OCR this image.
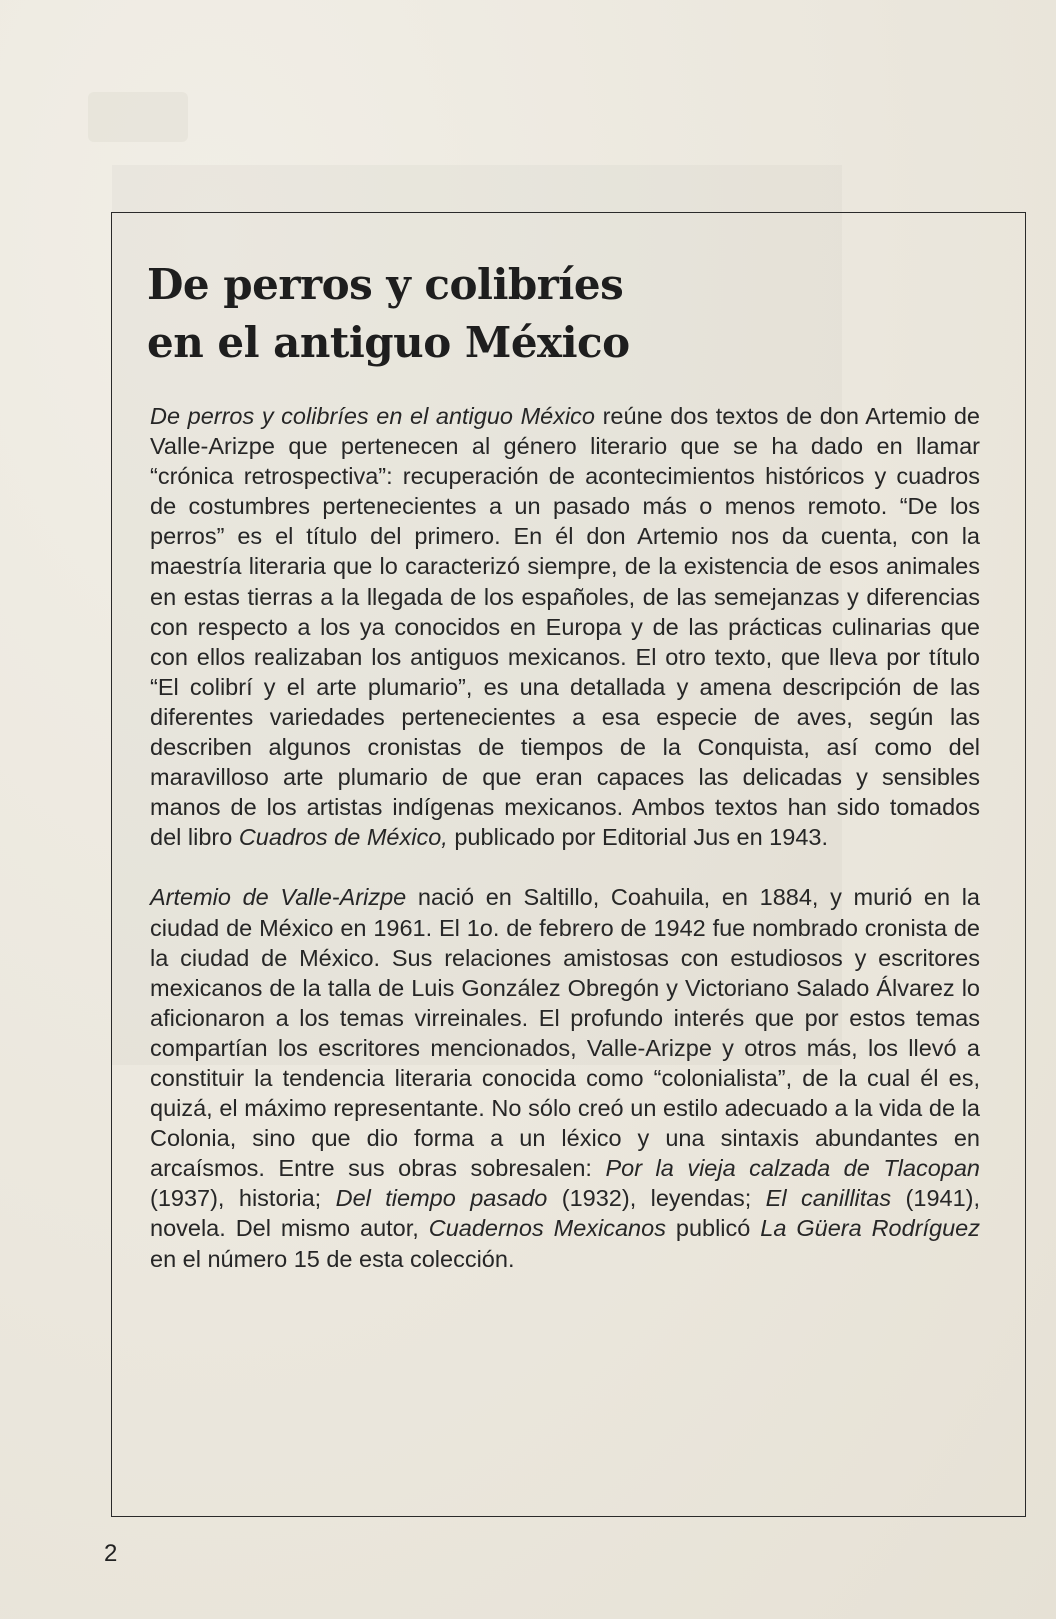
De perros y colibríes
en el antiguo México

De perros y colibríes en el antiguo México reúne dos textos de don Artemio de Valle-Arizpe que pertenecen al género literario que se ha dado en llamar “crónica retrospectiva”: recuperación de acontecimientos históricos y cuadros de costumbres pertenecientes a un pasado más o menos remoto. “De los perros” es el título del primero. En él don Artemio nos da cuenta, con la maestría literaria que lo caracterizó siempre, de la existencia de esos animales en estas tierras a la llegada de los españoles, de las semejanzas y diferencias con respecto a los ya conocidos en Europa y de las prácticas culinarias que con ellos realizaban los antiguos mexicanos. El otro texto, que lleva por título “El colibrí y el arte plumario”, es una detallada y amena descripción de las diferentes variedades pertenecientes a esa especie de aves, según las describen algunos cronistas de tiempos de la Conquista, así como del maravilloso arte plumario de que eran capaces las delicadas y sensibles manos de los artistas indígenas mexicanos. Ambos textos han sido tomados del libro Cuadros de México, publicado por Editorial Jus en 1943.

Artemio de Valle-Arizpe nació en Saltillo, Coahuila, en 1884, y murió en la ciudad de México en 1961. El 1o. de febrero de 1942 fue nombrado cronista de la ciudad de México. Sus relaciones amistosas con estudiosos y escritores mexicanos de la talla de Luis González Obregón y Victoriano Salado Álvarez lo aficionaron a los temas virreinales. El profundo interés que por estos temas compartían los escritores mencionados, Valle-Arizpe y otros más, los llevó a constituir la tendencia literaria conocida como “colonialista”, de la cual él es, quizá, el máximo representante. No sólo creó un estilo adecuado a la vida de la Colonia, sino que dio forma a un léxico y una sintaxis abundantes en arcaísmos. Entre sus obras sobresalen: Por la vieja calzada de Tlacopan (1937), historia; Del tiempo pasado (1932), leyendas; El canillitas (1941), novela. Del mismo autor, Cuadernos Mexicanos publicó La Güera Rodríguez en el número 15 de esta colección.

2
